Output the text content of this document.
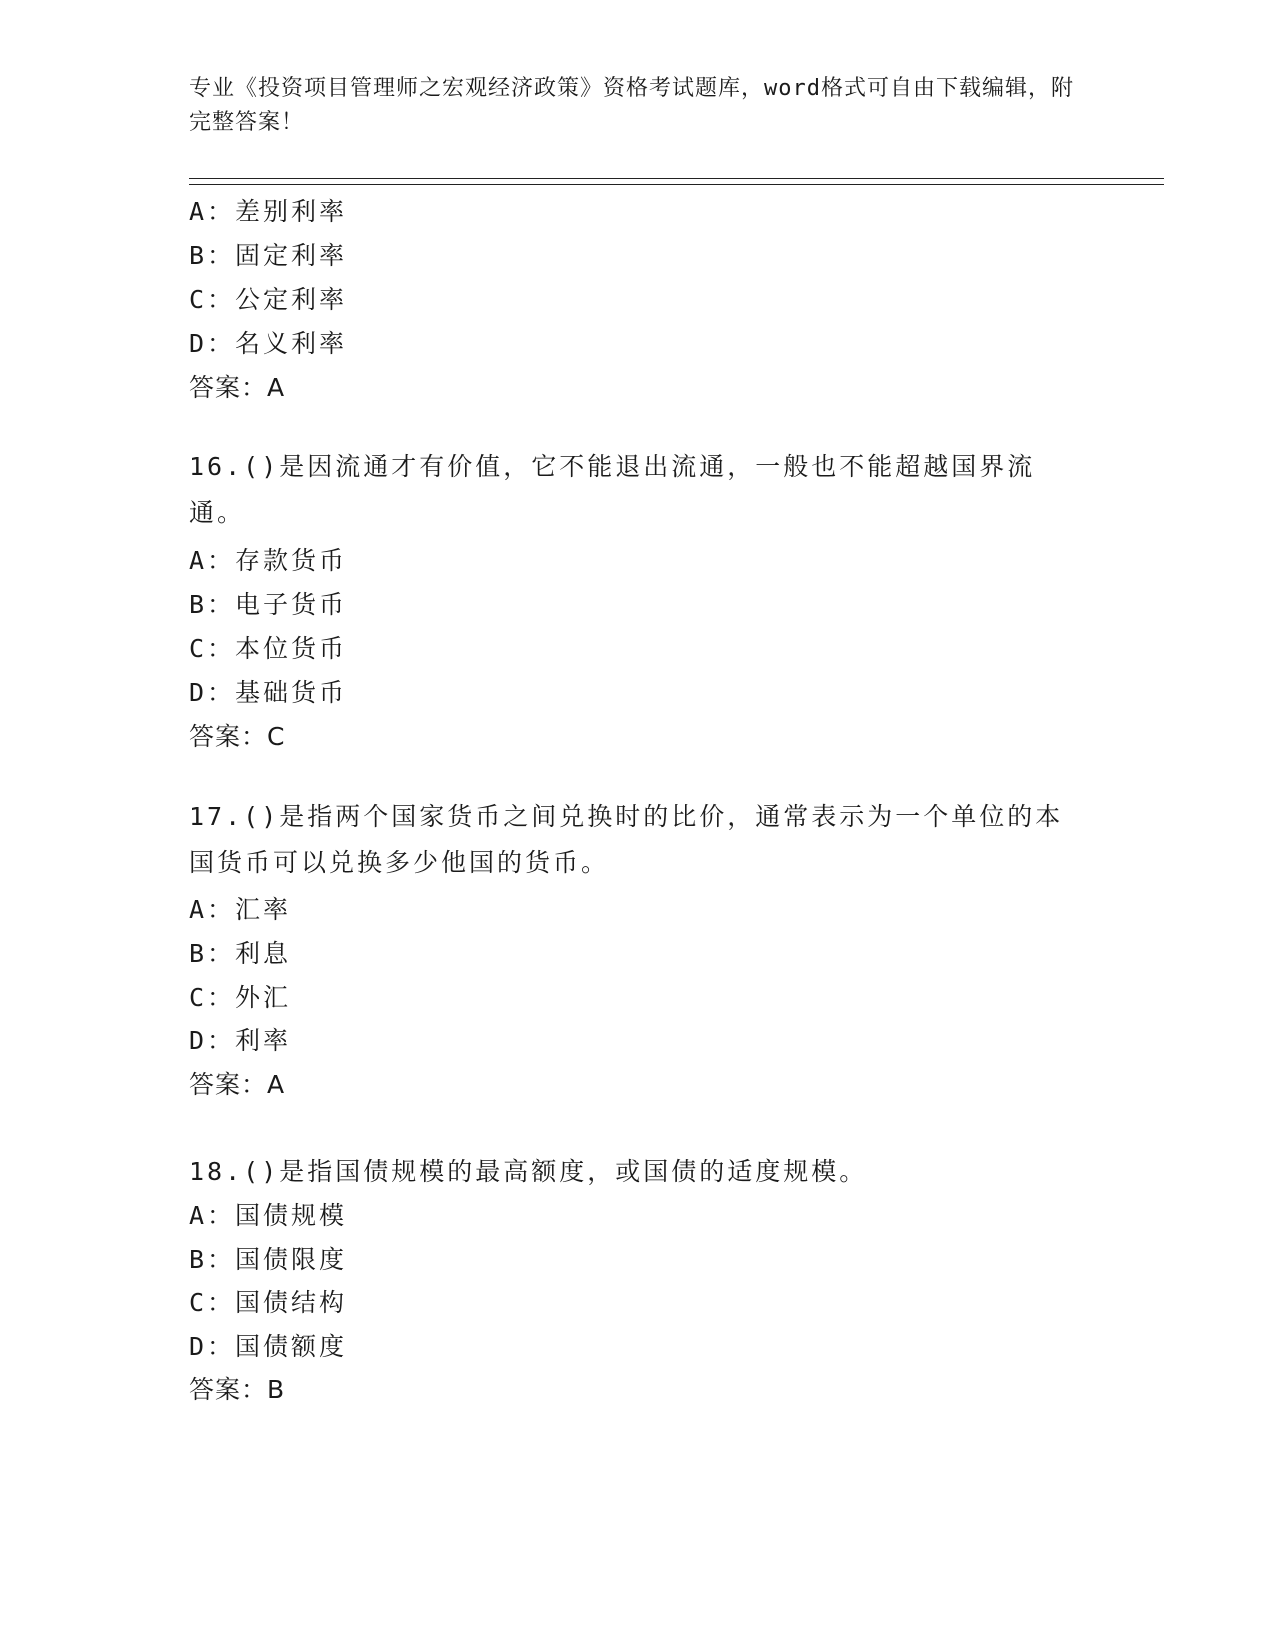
专业《投资项目管理师之宏观经济政策》资格考试题库，word格式可自由下载编辑，附完整答案！
A：差别利率
B：固定利率
C：公定利率
D：名义利率
答案：A
16.()是因流通才有价值，它不能退出流通，一般也不能超越国界流通。
A：存款货币
B：电子货币
C：本位货币
D：基础货币
答案：C
17.()是指两个国家货币之间兑换时的比价，通常表示为一个单位的本国货币可以兑换多少他国的货币。
A：汇率
B：利息
C：外汇
D：利率
答案：A
18.()是指国债规模的最高额度，或国债的适度规模。
A：国债规模
B：国债限度
C：国债结构
D：国债额度
答案：B
